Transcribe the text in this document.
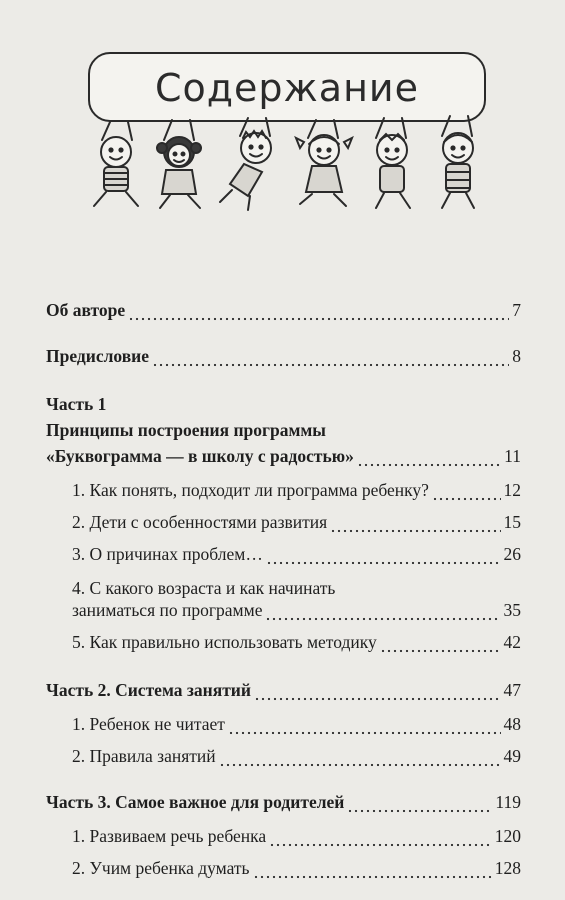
Содержание
Об авторе	7
Предисловие	8
Часть 1
Принципы построения программы
«Буквограмма — в школу с радостью»	11
1. Как понять, подходит ли программа ребенку?	12
2. Дети с особенностями развития	15
3. О причинах проблем…	26
4. С какого возраста и как начинать
заниматься по программе	35
5. Как правильно использовать методику	42
Часть 2. Система занятий	47
1. Ребенок не читает	48
2. Правила занятий	49
Часть 3. Самое важное для родителей	119
1. Развиваем речь ребенка	120
2. Учим ребенка думать	128
